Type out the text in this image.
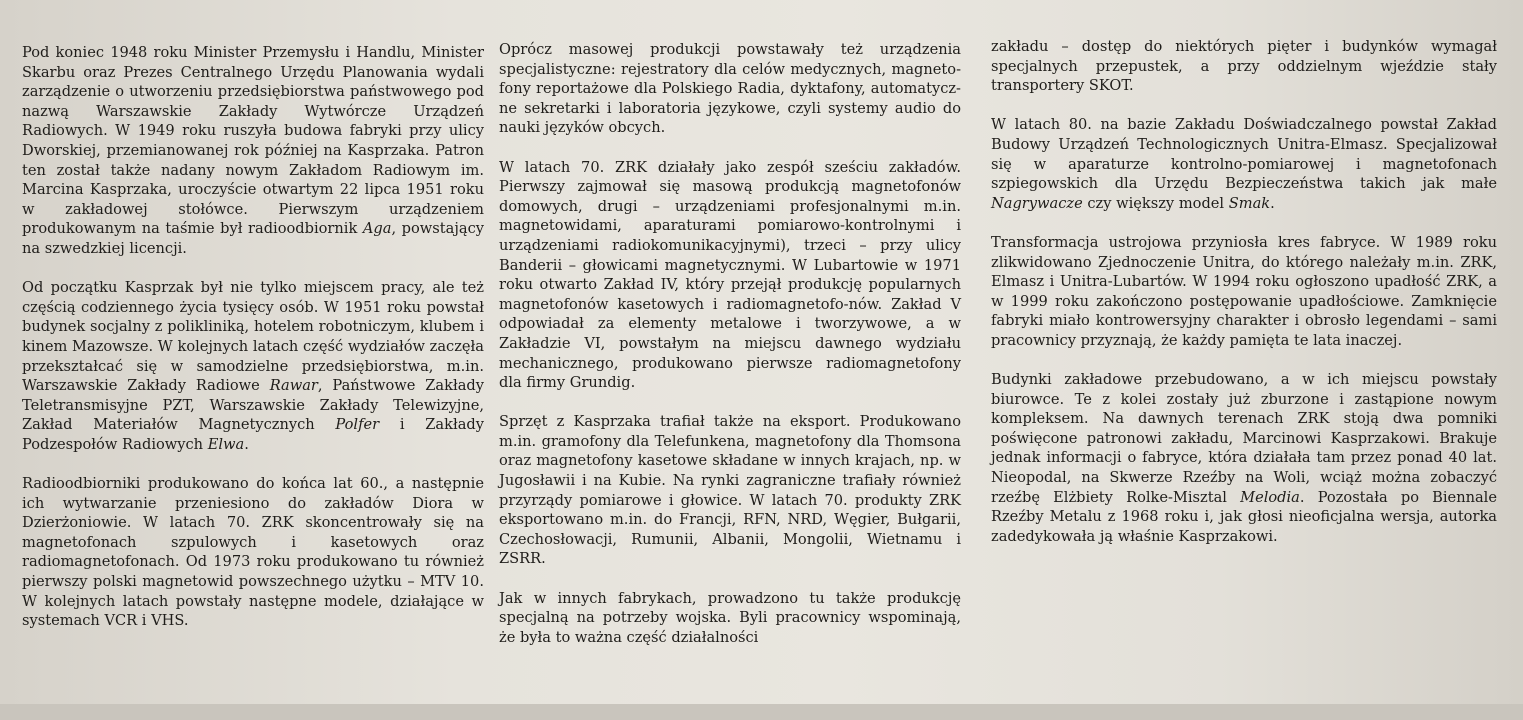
Pod koniec 1948 roku Minister Przemysłu i Handlu, Minister Skarbu oraz Prezes Centralnego Urzędu Planowania wydali zarządzenie o utworzeniu przedsiębiorstwa państwowego pod nazwą Warszawskie Zakłady Wytwórcze Urządzeń Radiowych. W 1949 roku ruszyła budowa fabryki przy ulicy Dworskiej, przemianowanej rok później na Kasprzaka. Patron ten został także nadany nowym Zakładom Radiowym im. Marcina Kasprzaka, uroczyście otwartym 22 lipca 1951 roku w zakładowej stołówce. Pierwszym urządzeniem produkowanym na taśmie był radioodbiornik Aga, powstający na szwedzkiej licencji.

Od początku Kasprzak był nie tylko miejscem pracy, ale też częścią codziennego życia tysięcy osób. W 1951 roku powstał budynek socjalny z polikliniką, hotelem robotniczym, klubem i kinem Mazowsze. W kolejnych latach część wydziałów zaczęła przekształcać się w samodzielne przedsiębiorstwa, m.in. Warszawskie Zakłady Radiowe Rawar, Państwowe Zakłady Teletransmisyjne PZT, Warszawskie Zakłady Telewizyjne, Zakład Materiałów Magnetycznych Polfer i Zakłady Podzespołów Radiowych Elwa.

Radioodbiorniki produkowano do końca lat 60., a następnie ich wytwarzanie przeniesiono do zakładów Diora w Dzierżoniowie. W latach 70. ZRK skoncentrowały się na magnetofonach szpulowych i kasetowych oraz radiomagnetofonach. Od 1973 roku produkowano tu również pierwszy polski magnetowid powszechnego użytku – MTV 10. W kolejnych latach powstały następne modele, działające w systemach VCR i VHS.

Oprócz masowej produkcji powstawały też urządzenia specjalistyczne: rejestratory dla celów medycznych, magneto-fony reportażowe dla Polskiego Radia, dyktafony, automatycz-ne sekretarki i laboratoria językowe, czyli systemy audio do nauki języków obcych.

W latach 70. ZRK działały jako zespół sześciu zakładów. Pierwszy zajmował się masową produkcją magnetofonów domowych, drugi – urządzeniami profesjonalnymi m.in. magnetowidami, aparaturami pomiarowo-kontrolnymi i urządzeniami radiokomunikacyjnymi), trzeci – przy ulicy Banderii – głowicami magnetycznymi. W Lubartowie w 1971 roku otwarto Zakład IV, który przejął produkcję popularnych magnetofonów kasetowych i radiomagnetofo-nów. Zakład V odpowiadał za elementy metalowe i tworzywowe, a w Zakładzie VI, powstałym na miejscu dawnego wydziału mechanicznego, produkowano pierwsze radiomagnetofony dla firmy Grundig.

Sprzęt z Kasprzaka trafiał także na eksport. Produkowano m.in. gramofony dla Telefunkena, magnetofony dla Thomsona oraz magnetofony kasetowe składane w innych krajach, np. w Jugosławii i na Kubie. Na rynki zagraniczne trafiały również przyrządy pomiarowe i głowice. W latach 70. produkty ZRK eksportowano m.in. do Francji, RFN, NRD, Węgier, Bułgarii, Czechosłowacji, Rumunii, Albanii, Mongolii, Wietnamu i ZSRR.

Jak w innych fabrykach, prowadzono tu także produkcję specjalną na potrzeby wojska. Byli pracownicy wspominają, że była to ważna część działalności

zakładu – dostęp do niektórych pięter i budynków wymagał specjalnych przepustek, a przy oddzielnym wjeździe stały transportery SKOT.

W latach 80. na bazie Zakładu Doświadczalnego powstał Zakład Budowy Urządzeń Technologicznych Unitra-Elmasz. Specjalizował się w aparaturze kontrolno-pomiarowej i magnetofonach szpiegowskich dla Urzędu Bezpieczeństwa takich jak małe Nagrywacze czy większy model Smak.

Transformacja ustrojowa przyniosła kres fabryce. W 1989 roku zlikwidowano Zjednoczenie Unitra, do którego należały m.in. ZRK, Elmasz i Unitra-Lubartów. W 1994 roku ogłoszono upadłość ZRK, a w 1999 roku zakończono postępowanie upadłościowe. Zamknięcie fabryki miało kontrowersyjny charakter i obrosło legendami – sami pracownicy przyznają, że każdy pamięta te lata inaczej.

Budynki zakładowe przebudowano, a w ich miejscu powstały biurowce. Te z kolei zostały już zburzone i zastąpione nowym kompleksem. Na dawnych terenach ZRK stoją dwa pomniki poświęcone patronowi zakładu, Marcinowi Kasprzakowi. Brakuje jednak informacji o fabryce, która działała tam przez ponad 40 lat. Nieopodal, na Skwerze Rzeźby na Woli, wciąż można zobaczyć rzeźbę Elżbiety Rolke-Misztal Melodia. Pozostała po Biennale Rzeźby Metalu z 1968 roku i, jak głosi nieoficjalna wersja, autorka zadedykowała ją właśnie Kasprzakowi.
